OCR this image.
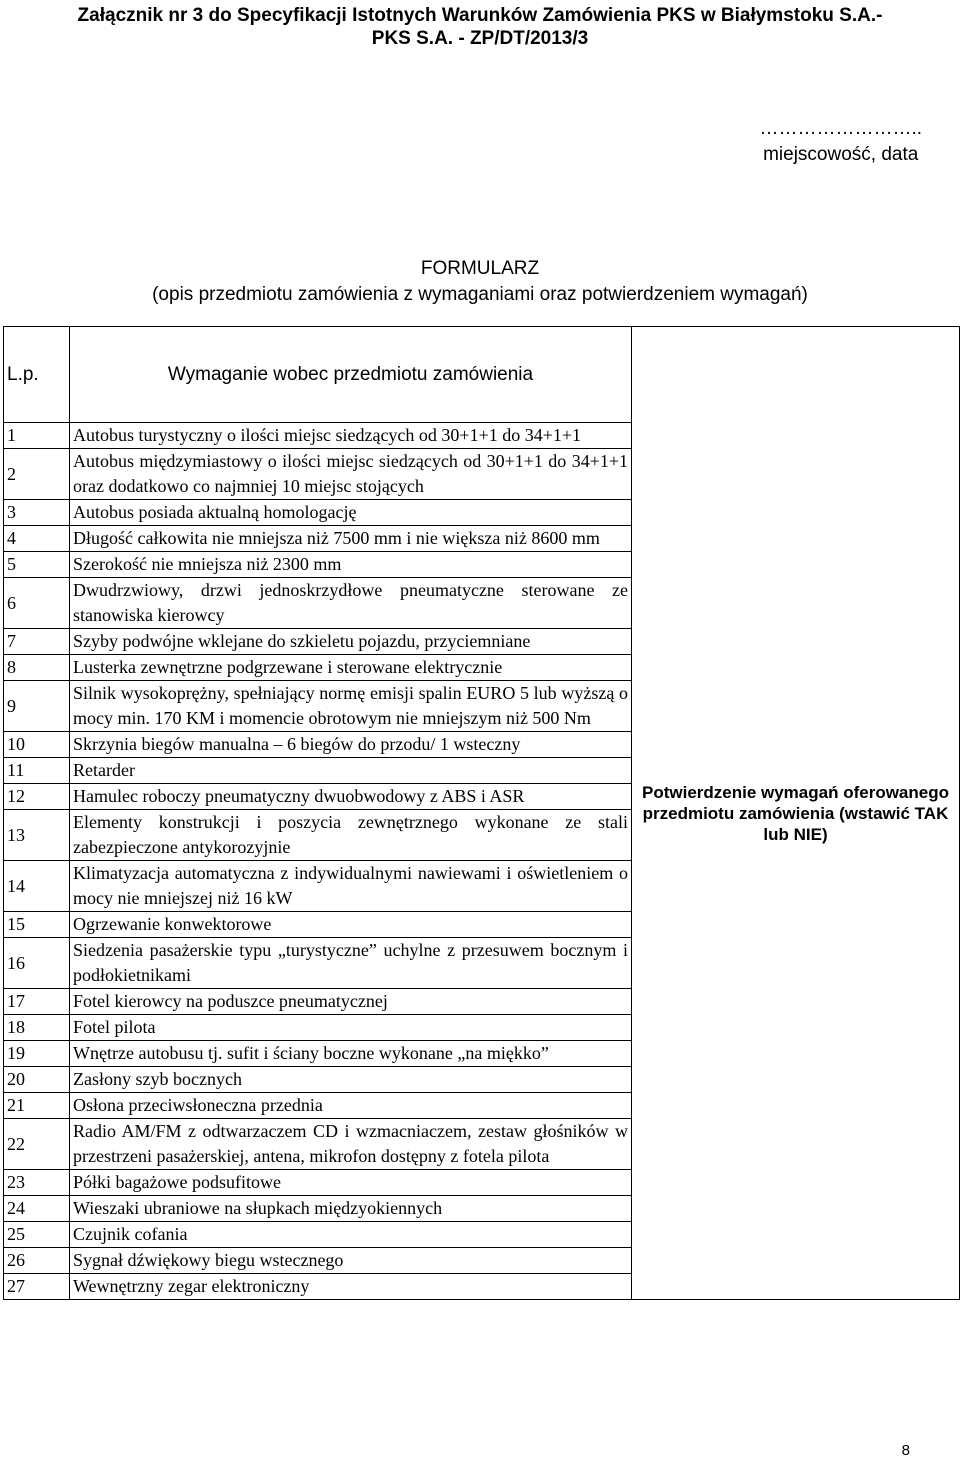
Załącznik nr 3 do Specyfikacji Istotnych Warunków Zamówienia PKS w Białymstoku S.A.-
PKS S.A. - ZP/DT/2013/3
……………………..
miejscowość, data
FORMULARZ
(opis przedmiotu zamówienia z wymaganiami oraz potwierdzeniem wymagań)
L.p.	Wymaganie wobec przedmiotu zamówienia	Potwierdzenie wymagań oferowanego przedmiotu zamówienia (wstawić TAK lub NIE)
1	Autobus turystyczny o ilości miejsc siedzących od 30+1+1 do 34+1+1	
2	Autobus międzymiastowy o ilości miejsc siedzących od 30+1+1 do 34+1+1 oraz dodatkowo co najmniej 10 miejsc stojących	
3	Autobus posiada aktualną homologację	
4	Długość całkowita nie mniejsza niż 7500 mm i nie większa niż 8600 mm	
5	Szerokość nie mniejsza niż 2300 mm	
6	Dwudrzwiowy, drzwi jednoskrzydłowe pneumatyczne sterowane ze stanowiska kierowcy	
7	Szyby podwójne wklejane do szkieletu pojazdu, przyciemniane	
8	Lusterka zewnętrzne podgrzewane i sterowane elektrycznie	
9	Silnik wysokoprężny, spełniający normę emisji spalin EURO 5 lub wyższą o mocy min. 170 KM i momencie obrotowym nie mniejszym niż 500 Nm	
10	Skrzynia biegów manualna – 6 biegów do przodu/ 1 wsteczny	
11	Retarder	
12	Hamulec roboczy pneumatyczny dwuobwodowy z ABS i ASR	
13	Elementy konstrukcji i poszycia zewnętrznego wykonane ze stali zabezpieczone antykorozyjnie	
14	Klimatyzacja automatyczna z indywidualnymi nawiewami i oświetleniem o mocy nie mniejszej niż 16 kW	
15	Ogrzewanie konwektorowe	
16	Siedzenia pasażerskie typu „turystyczne” uchylne z przesuwem bocznym i podłokietnikami	
17	Fotel kierowcy na poduszce pneumatycznej	
18	Fotel pilota	
19	Wnętrze autobusu tj. sufit i ściany boczne wykonane „na miękko”	
20	Zasłony szyb bocznych	
21	Osłona przeciwsłoneczna przednia	
22	Radio AM/FM z odtwarzaczem CD i wzmacniaczem, zestaw głośników w przestrzeni pasażerskiej, antena, mikrofon dostępny z fotela pilota	
23	Półki bagażowe podsufitowe	
24	Wieszaki ubraniowe na słupkach międzyokiennych	
25	Czujnik cofania	
26	Sygnał dźwiękowy biegu wstecznego	
27	Wewnętrzny zegar elektroniczny	
8
